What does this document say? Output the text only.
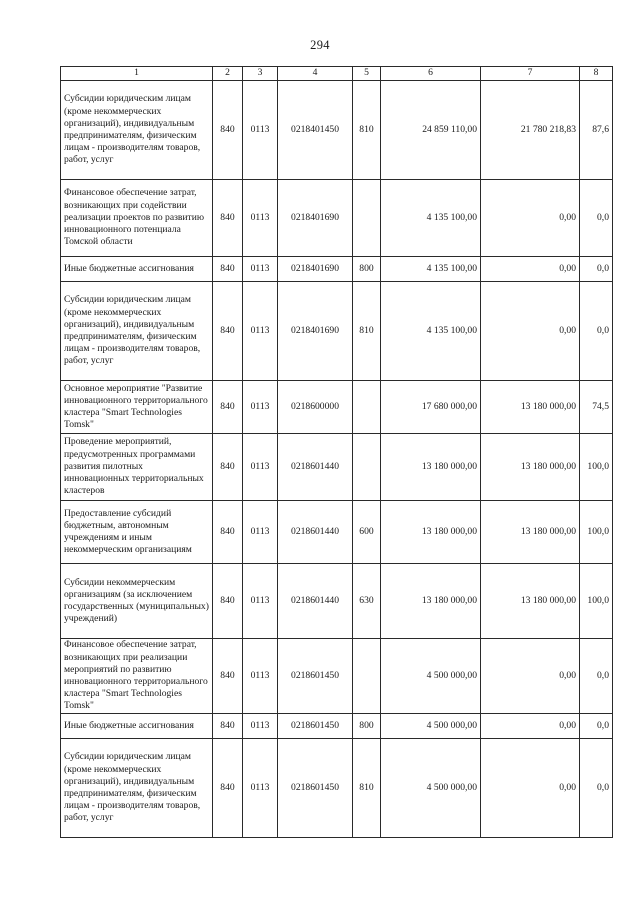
294
1	2	3	4	5	6	7	8
Субсидии юридическим лицам (кроме некоммерческих организаций), индивидуальным предпринимателям, физическим лицам - производителям товаров, работ, услуг	840	0113	0218401450	810	24 859 110,00	21 780 218,83	87,6
Финансовое обеспечение затрат, возникающих при содействии реализации проектов по развитию инновационного потенциала Томской области	840	0113	0218401690		4 135 100,00	0,00	0,0
Иные бюджетные ассигнования	840	0113	0218401690	800	4 135 100,00	0,00	0,0
Субсидии юридическим лицам (кроме некоммерческих организаций), индивидуальным предпринимателям, физическим лицам - производителям товаров, работ, услуг	840	0113	0218401690	810	4 135 100,00	0,00	0,0
Основное мероприятие "Развитие инновационного территориального кластера "Smart Technologies Tomsk"	840	0113	0218600000		17 680 000,00	13 180 000,00	74,5
Проведение мероприятий, предусмотренных программами развития пилотных инновационных территориальных кластеров	840	0113	0218601440		13 180 000,00	13 180 000,00	100,0
Предоставление субсидий бюджетным, автономным учреждениям и иным некоммерческим организациям	840	0113	0218601440	600	13 180 000,00	13 180 000,00	100,0
Субсидии некоммерческим организациям (за исключением государственных (муниципальных) учреждений)	840	0113	0218601440	630	13 180 000,00	13 180 000,00	100,0
Финансовое обеспечение затрат, возникающих при реализации мероприятий по развитию инновационного территориального кластера "Smart Technologies Tomsk"	840	0113	0218601450		4 500 000,00	0,00	0,0
Иные бюджетные ассигнования	840	0113	0218601450	800	4 500 000,00	0,00	0,0
Субсидии юридическим лицам (кроме некоммерческих организаций), индивидуальным предпринимателям, физическим лицам - производителям товаров, работ, услуг	840	0113	0218601450	810	4 500 000,00	0,00	0,0
